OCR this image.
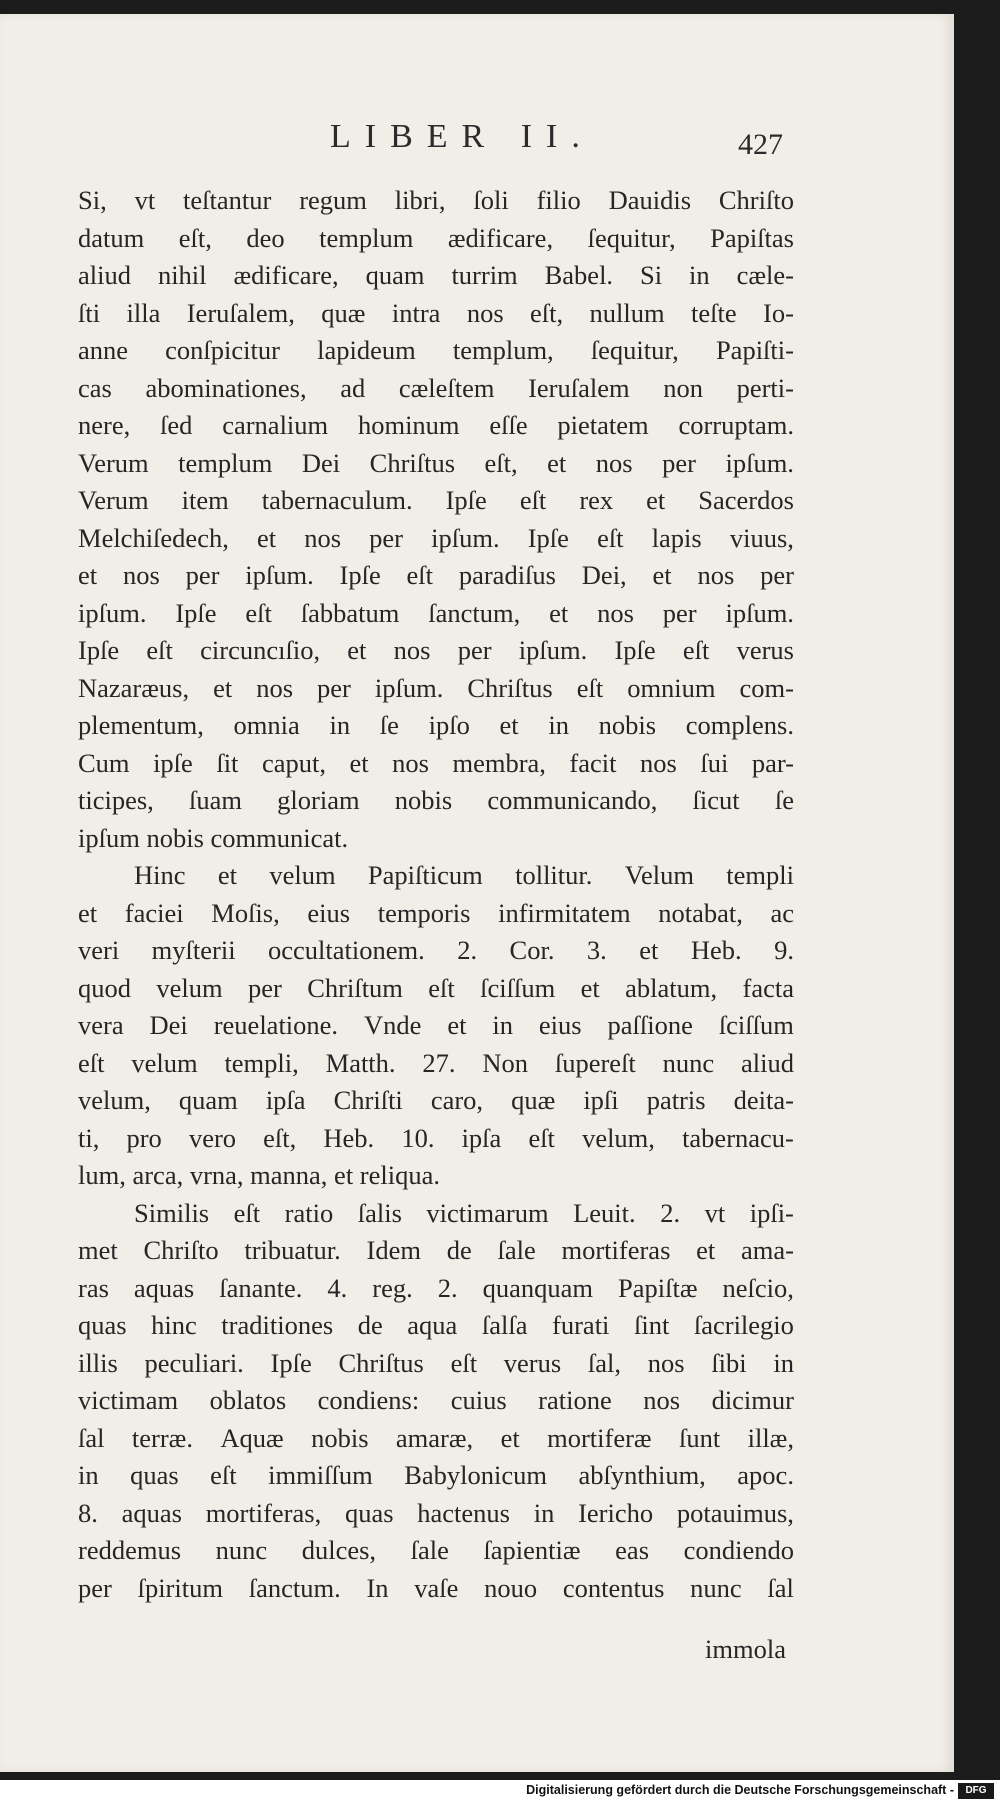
LIBER II.	427
Si, vt teſtantur regum libri, ſoli filio Dauidis Chriſto
datum eſt, deo templum ædificare, ſequitur, Papiſtas
aliud nihil ædificare, quam turrim Babel. Si in cæle-
ſti illa Ieruſalem, quæ intra nos eſt, nullum teſte Io-
anne conſpicitur lapideum templum, ſequitur, Papiſti-
cas abominationes, ad cæleſtem Ieruſalem non perti-
nere, ſed carnalium hominum eſſe pietatem corruptam.
Verum templum Dei Chriſtus eſt, et nos per ipſum.
Verum item tabernaculum. Ipſe eſt rex et Sacerdos
Melchiſedech, et nos per ipſum. Ipſe eſt lapis viuus,
et nos per ipſum. Ipſe eſt paradiſus Dei, et nos per
ipſum. Ipſe eſt ſabbatum ſanctum, et nos per ipſum.
Ipſe eſt circuncıſio, et nos per ipſum. Ipſe eſt verus
Nazaræus, et nos per ipſum. Chriſtus eſt omnium com-
plementum, omnia in ſe ipſo et in nobis complens.
Cum ipſe ſit caput, et nos membra, facit nos ſui par-
ticipes, ſuam gloriam nobis communicando, ſicut ſe
ipſum nobis communicat.
Hinc et velum Papiſticum tollitur. Velum templi
et faciei Moſis, eius temporis infirmitatem notabat, ac
veri myſterii occultationem. 2. Cor. 3. et Heb. 9.
quod velum per Chriſtum eſt ſciſſum et ablatum, facta
vera Dei reuelatione. Vnde et in eius paſſione ſciſſum
eſt velum templi, Matth. 27. Non ſupereſt nunc aliud
velum, quam ipſa Chriſti caro, quæ ipſi patris deita-
ti, pro vero eſt, Heb. 10. ipſa eſt velum, tabernacu-
lum, arca, vrna, manna, et reliqua.
Similis eſt ratio ſalis victimarum Leuit. 2. vt ipſi-
met Chriſto tribuatur. Idem de ſale mortiferas et ama-
ras aquas ſanante. 4. reg. 2. quanquam Papiſtæ neſcio,
quas hinc traditiones de aqua ſalſa furati ſint ſacrilegio
illis peculiari. Ipſe Chriſtus eſt verus ſal, nos ſibi in
victimam oblatos condiens: cuius ratione nos dicimur
ſal terræ. Aquæ nobis amaræ, et mortiferæ ſunt illæ,
in quas eſt immiſſum Babylonicum abſynthium, apoc.
8. aquas mortiferas, quas hactenus in Iericho potauimus,
reddemus nunc dulces, ſale ſapientiæ eas condiendo
per ſpiritum ſanctum. In vaſe nouo contentus nunc ſal
immola
Digitalisierung gefördert durch die Deutsche Forschungsgemeinschaft -	DFG
